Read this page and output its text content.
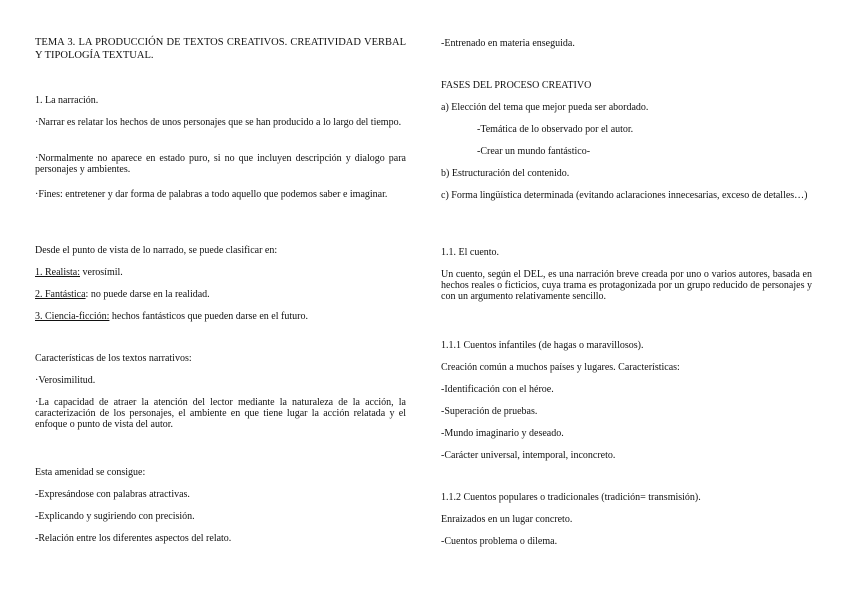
TEMA 3. LA PRODUCCIÓN DE TEXTOS CREATIVOS. CREATIVIDAD VERBAL Y TIPOLOGÍA TEXTUAL.
1. La narración.
·Narrar es relatar los hechos de unos personajes que se han producido a lo largo del tiempo.
·Normalmente no aparece en estado puro, si no que incluyen descripción y dialogo para personajes y ambientes.
·Fines: entretener y dar forma de palabras a todo aquello que podemos saber e imaginar.
Desde el punto de vista de lo narrado, se puede clasificar en:
1. Realista: verosímil.
2. Fantástica: no puede darse en la realidad.
3. Ciencia-ficción: hechos fantásticos que pueden darse en el futuro.
Características de los textos narrativos:
·Verosimilitud.
·La capacidad de atraer la atención del lector mediante la naturaleza de la acción, la caracterización de los personajes, el ambiente en que tiene lugar la acción relatada y el enfoque o punto de vista del autor.
Esta amenidad se consigue:
-Expresándose con palabras atractivas.
-Explicando y sugiriendo con precisión.
-Relación entre los diferentes aspectos del relato.
-Entrenado en materia enseguida.
FASES DEL PROCESO CREATIVO
a) Elección del tema que mejor pueda ser abordado.
-Temática de lo observado por el autor.
-Crear un mundo fantástico-
b) Estructuración del contenido.
c) Forma lingüística determinada (evitando aclaraciones innecesarias, exceso de detalles…)
1.1. El cuento.
Un cuento, según el DEL, es una narración breve creada por uno o varios autores, basada en hechos reales o ficticios, cuya trama es protagonizada por un grupo reducido de personajes y con un argumento relativamente sencillo.
1.1.1 Cuentos infantiles (de hagas o maravillosos).
Creación común a muchos países y lugares. Características:
-Identificación con el héroe.
-Superación de pruebas.
-Mundo imaginario y deseado.
-Carácter universal, intemporal, inconcreto.
1.1.2 Cuentos populares o tradicionales (tradición= transmisión).
Enraizados en un lugar concreto.
-Cuentos problema o dilema.
